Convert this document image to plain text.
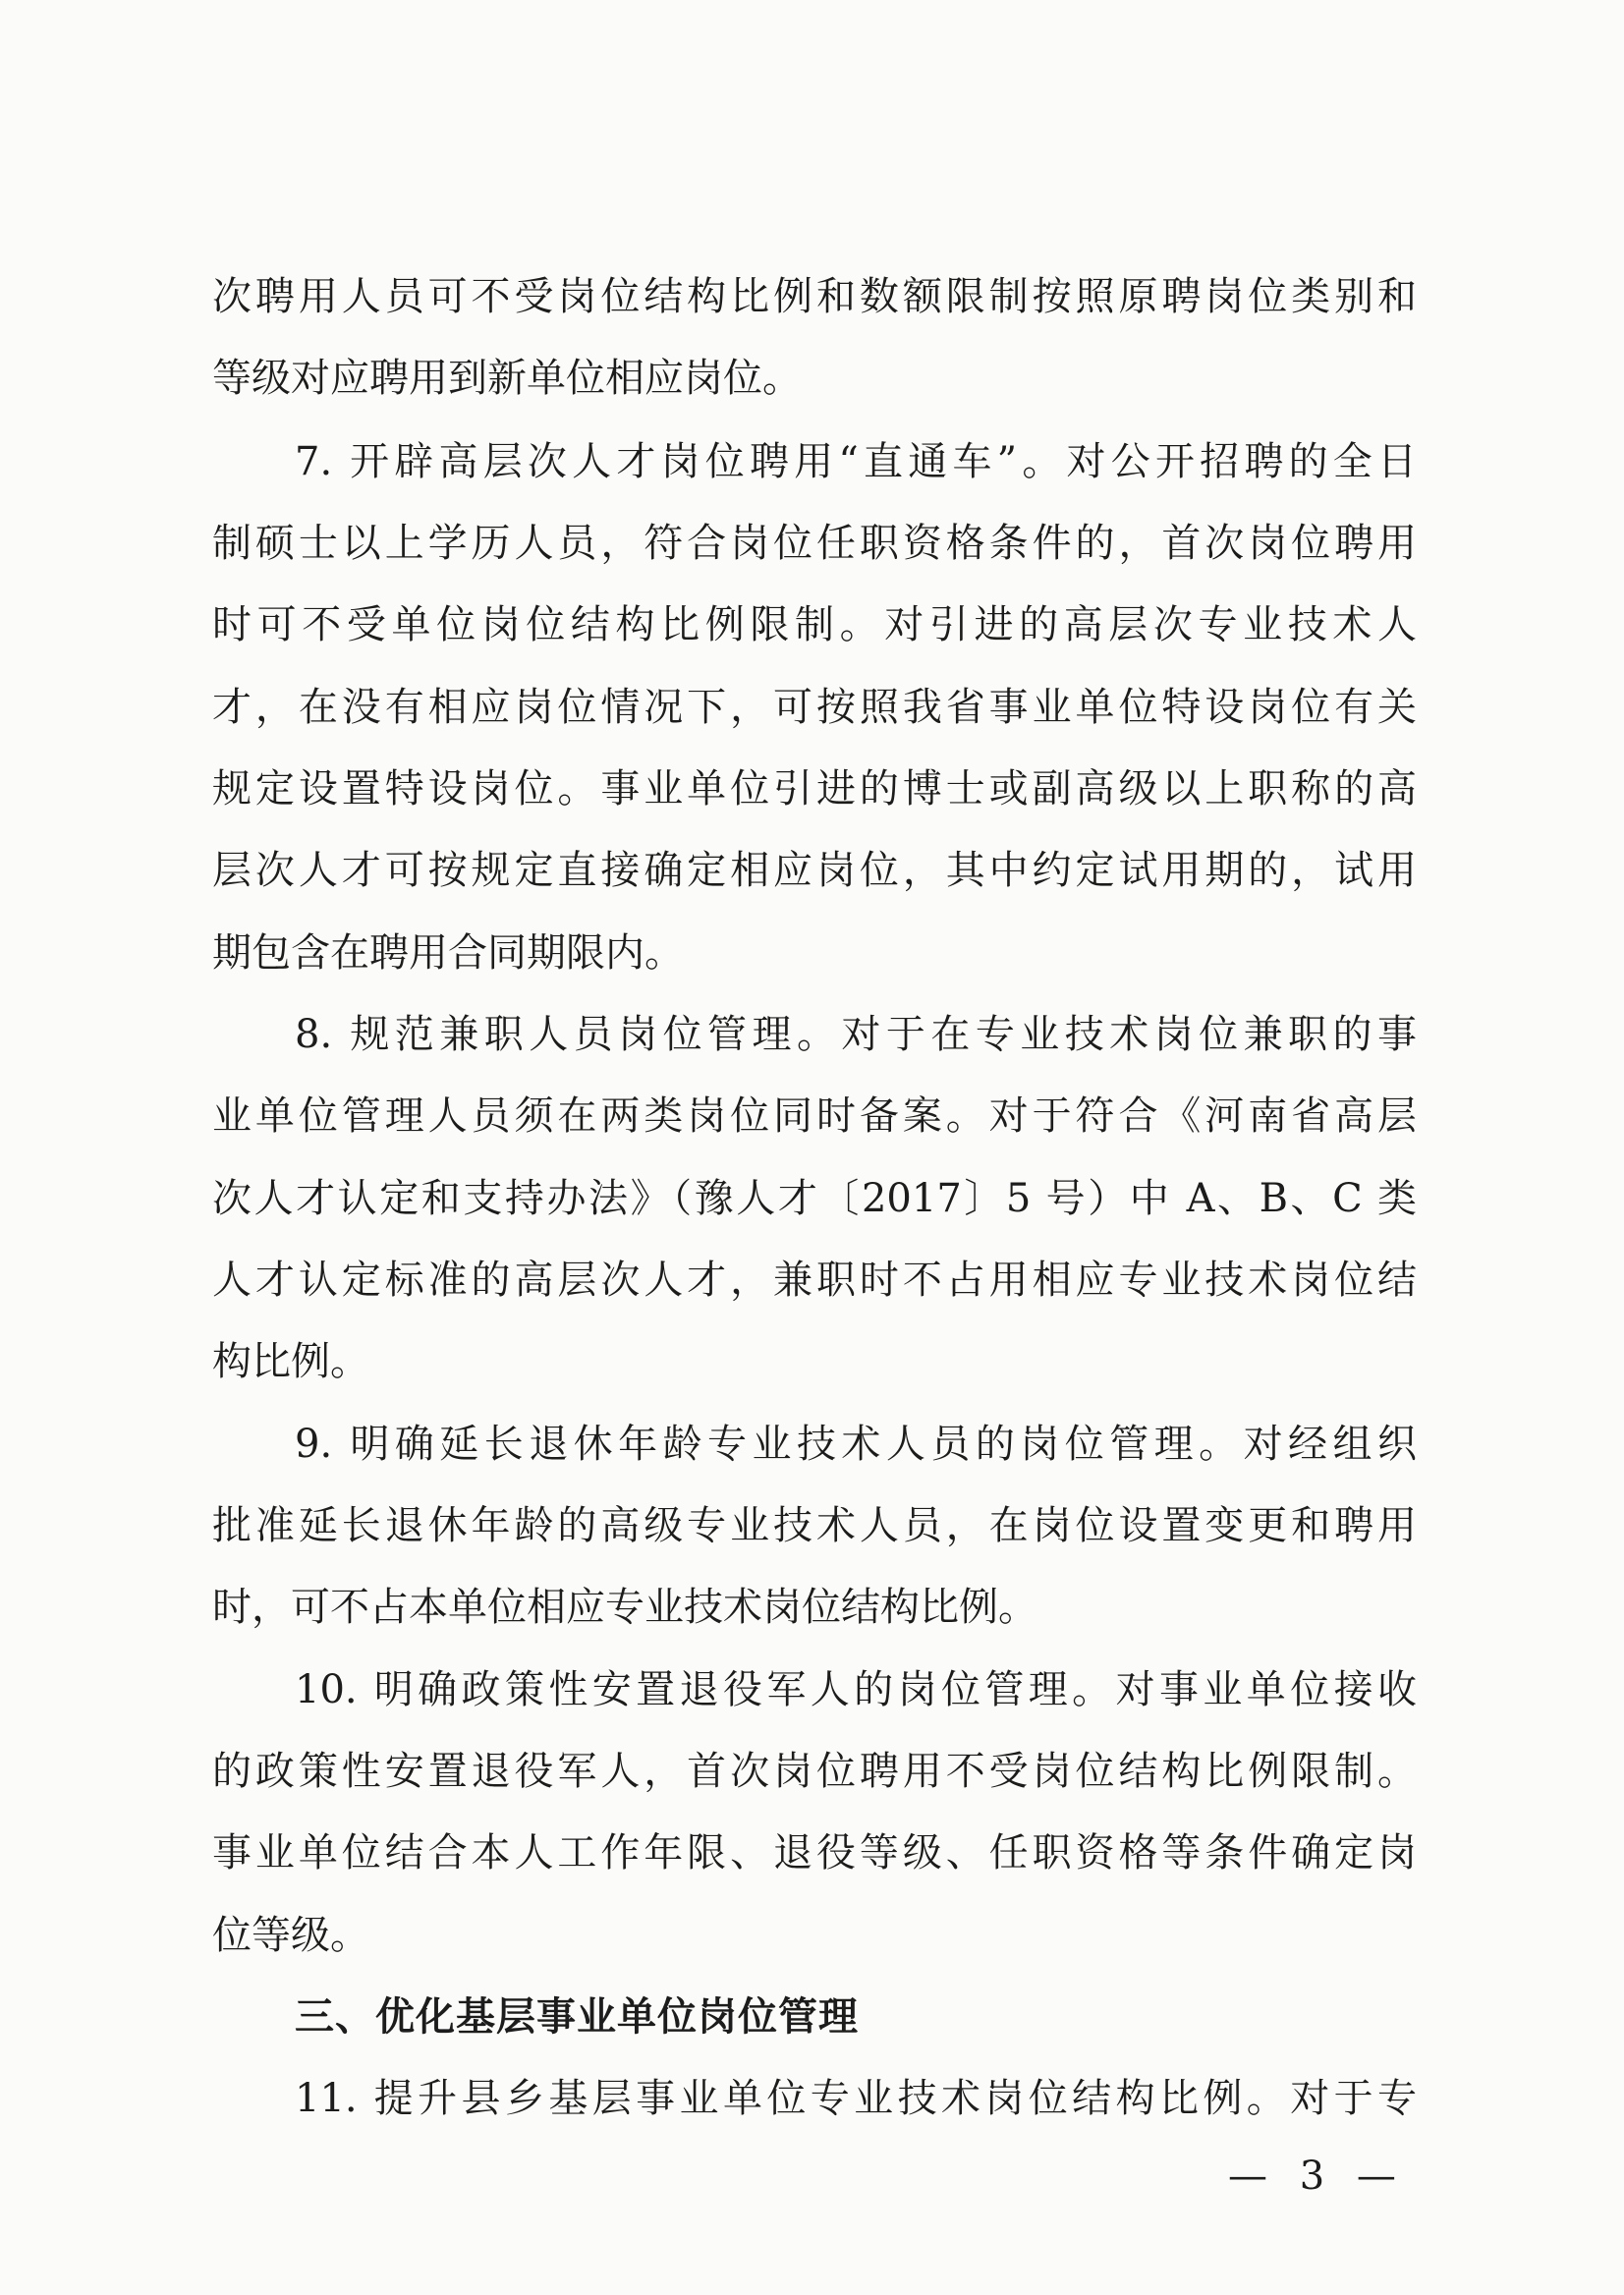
次聘用人员可不受岗位结构比例和数额限制按照原聘岗位类别和
等级对应聘用到新单位相应岗位。
7. 开辟高层次人才岗位聘用“直通车”。对公开招聘的全日
制硕士以上学历人员，符合岗位任职资格条件的，首次岗位聘用
时可不受单位岗位结构比例限制。对引进的高层次专业技术人
才，在没有相应岗位情况下，可按照我省事业单位特设岗位有关
规定设置特设岗位。事业单位引进的博士或副高级以上职称的高
层次人才可按规定直接确定相应岗位，其中约定试用期的，试用
期包含在聘用合同期限内。
8. 规范兼职人员岗位管理。对于在专业技术岗位兼职的事
业单位管理人员须在两类岗位同时备案。对于符合《河南省高层
次人才认定和支持办法》（豫人才〔2017〕5 号）中 A、B、C 类
人才认定标准的高层次人才，兼职时不占用相应专业技术岗位结
构比例。
9. 明确延长退休年龄专业技术人员的岗位管理。对经组织
批准延长退休年龄的高级专业技术人员，在岗位设置变更和聘用
时，可不占本单位相应专业技术岗位结构比例。
10. 明确政策性安置退役军人的岗位管理。对事业单位接收
的政策性安置退役军人，首次岗位聘用不受岗位结构比例限制。
事业单位结合本人工作年限、退役等级、任职资格等条件确定岗
位等级。
三、优化基层事业单位岗位管理
11. 提升县乡基层事业单位专业技术岗位结构比例。对于专
— 3 —
